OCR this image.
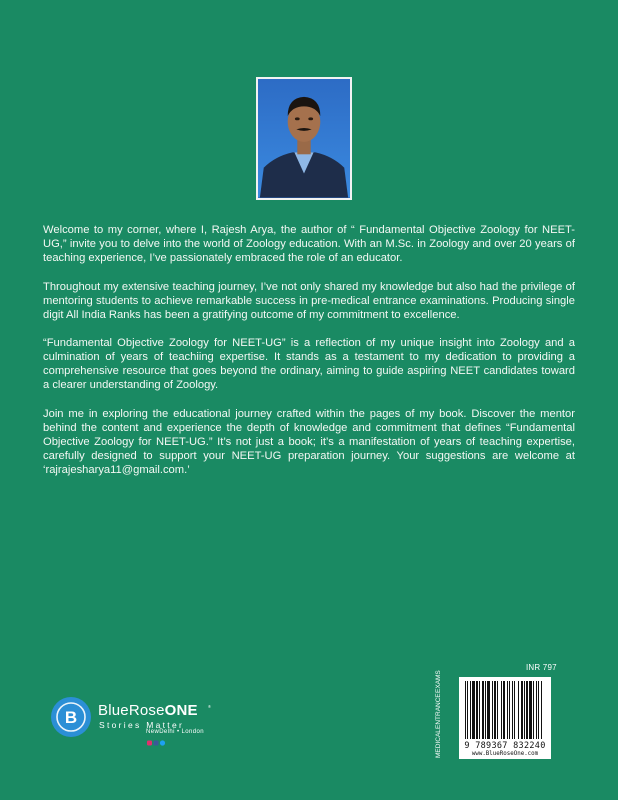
Welcome to my corner, where I, Rajesh Arya, the author of “ Fundamental Objective Zoology for NEET-UG,” invite you to delve into the world of Zoology education. With an M.Sc. in Zoology and over 20 years of teaching experience, I’ve passionately embraced the role of an educator.

Throughout my extensive teaching journey, I’ve not only shared my knowledge but also had the privilege of mentoring students to achieve remarkable success in pre-medical entrance examinations. Producing single digit All India Ranks has been a gratifying outcome of my commitment to excellence.

“Fundamental Objective Zoology for NEET-UG” is a reflection of my unique insight into Zoology and a culmination of years of teachiing expertise. It stands as a testament to my dedication to providing a comprehensive resource that goes beyond the ordinary, aiming to guide aspiring NEET candidates toward a clearer understanding of Zoology.

Join me in exploring the educational journey crafted within the pages of my book. Discover the mentor behind the content and experience the depth of knowledge and commitment that defines “Fundamental Objective Zoology for NEET-UG.” It’s not just a book; it’s a manifestation of years of teaching expertise, carefully designed to support your NEET-UG preparation journey. Your suggestions are welcome at ‘rajrajesharya11@gmail.com.’

INR 797
MEDICAL

ENTRANCE

EXAMS
9 789367 832240
www.BlueRoseOne.com
B BlueRoseONE	®
Stories Matter
NewDelhi • London
